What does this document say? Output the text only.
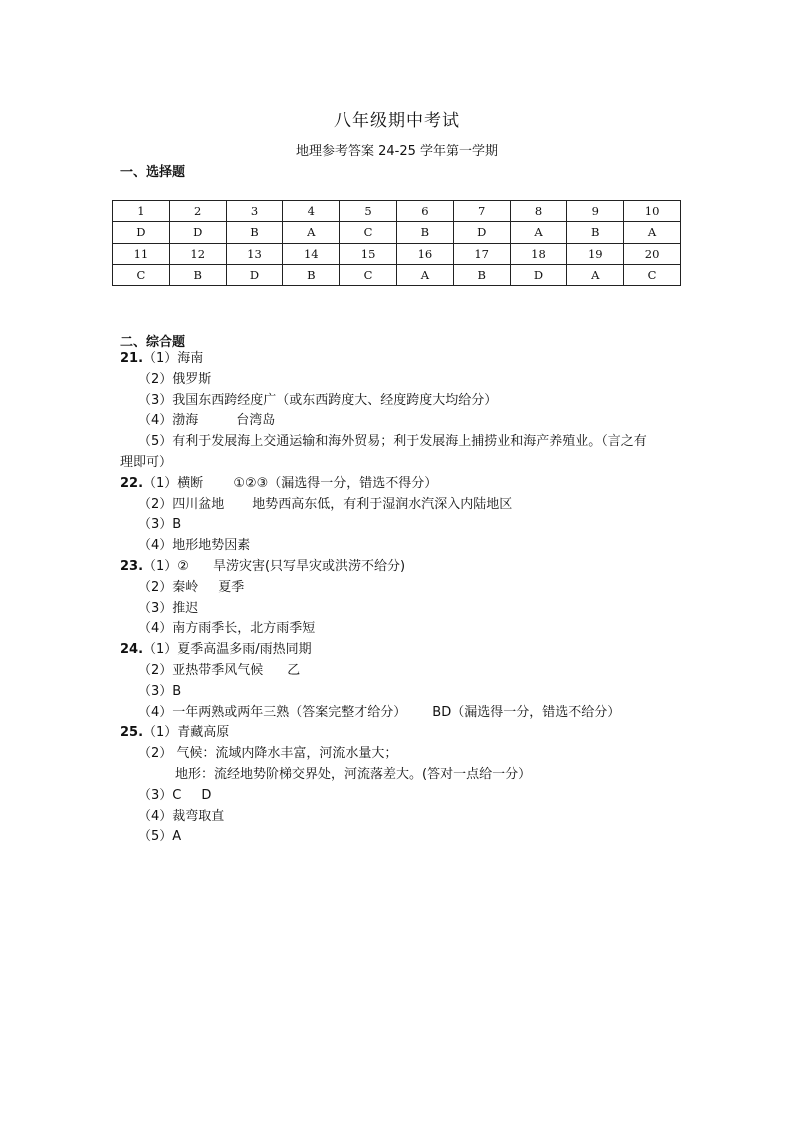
八年级期中考试
地理参考答案 24-25 学年第一学期
一、选择题
1	2	3	4	5	6	7	8	9	10
D	D	B	A	C	B	D	A	B	A
11	12	13	14	15	16	17	18	19	20
C	B	D	B	C	A	B	D	A	C
二、综合题
21.（1）海南
（2）俄罗斯
（3）我国东西跨经度广（或东西跨度大、经度跨度大均给分）
（4）渤海	台湾岛
（5）有利于发展海上交通运输和海外贸易；利于发展海上捕捞业和海产养殖业。（言之有
理即可）
22.（1）横断 ①②③（漏选得一分，错选不得分）
（2）四川盆地 地势西高东低，有利于湿润水汽深入内陆地区
（3）B
（4）地形地势因素
23.（1）② 旱涝灾害(只写旱灾或洪涝不给分)
（2）秦岭 夏季
（3）推迟
（4）南方雨季长，北方雨季短
24.（1）夏季高温多雨/雨热同期
（2）亚热带季风气候 乙
（3）B
（4）一年两熟或两年三熟（答案完整才给分） BD（漏选得一分，错选不给分）
25.（1）青藏高原
（2） 气候：流域内降水丰富，河流水量大；
地形：流经地势阶梯交界处，河流落差大。(答对一点给一分）
（3）C D
（4）裁弯取直
（5）A
